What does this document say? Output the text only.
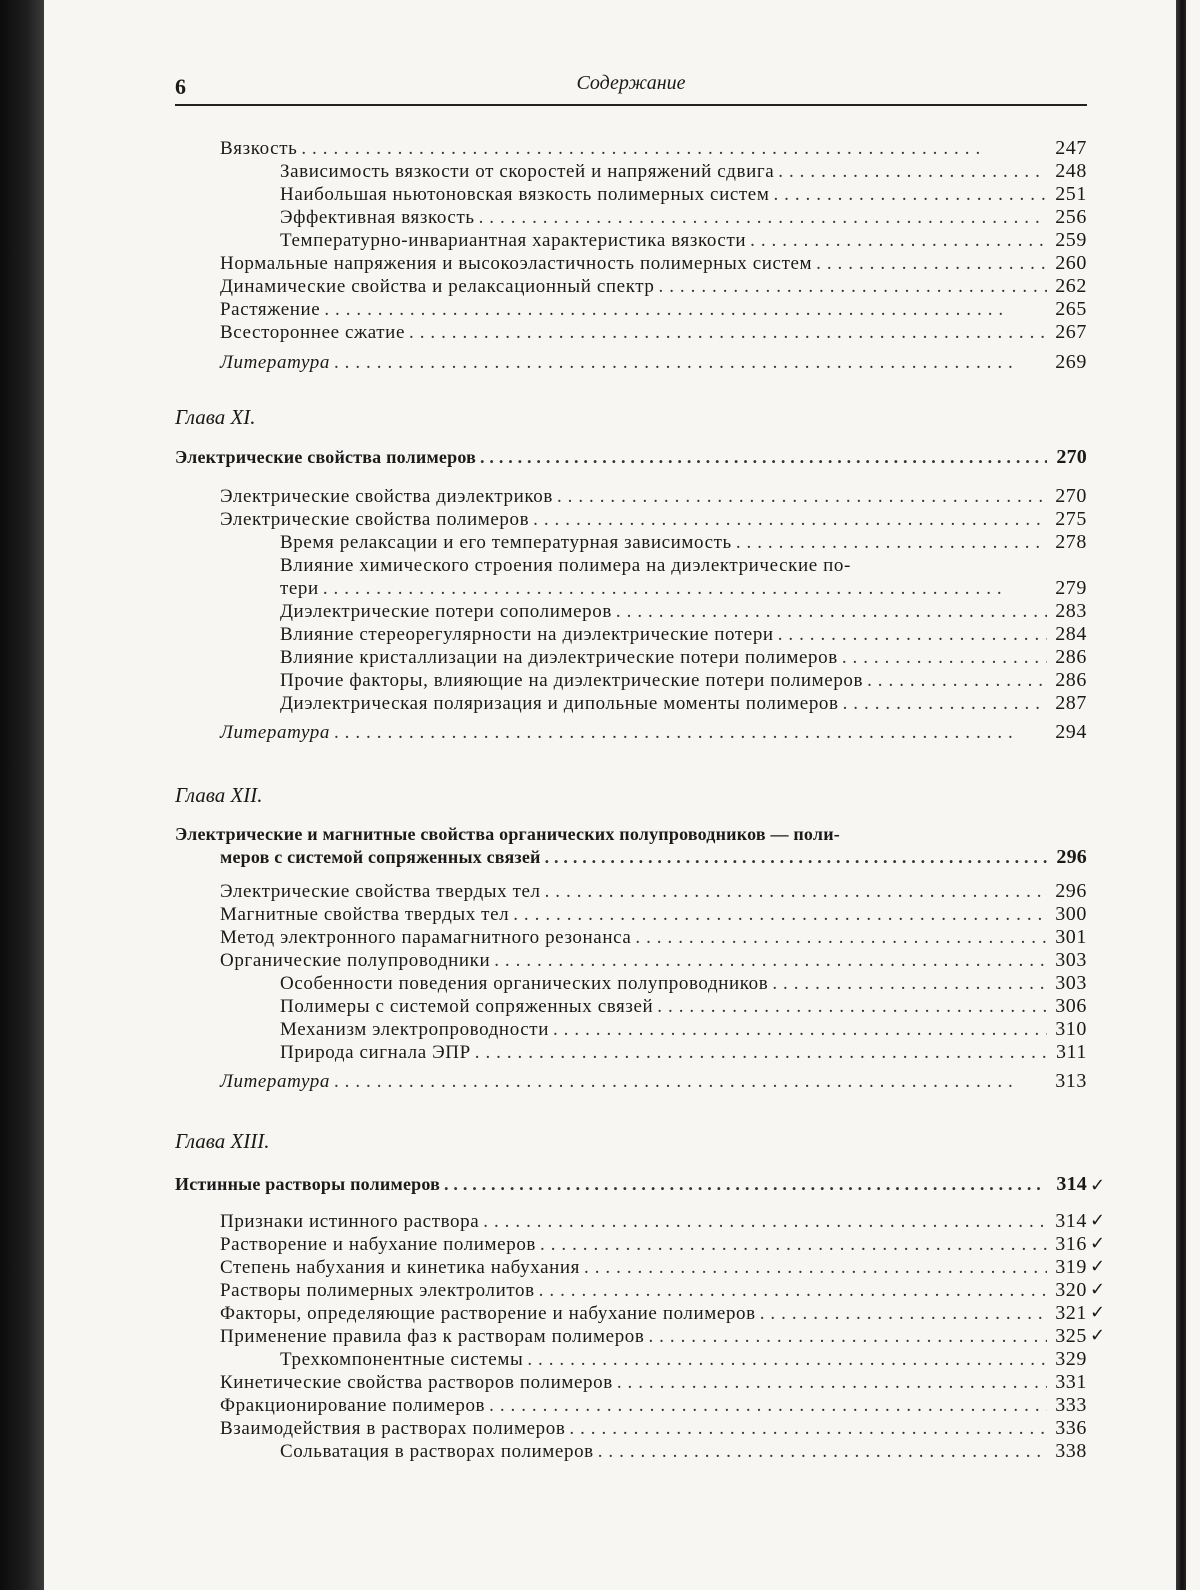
6	Содержание
Вязкость . . .	247
Зависимость вязкости от скоростей и напряжений сдвига . . .	248
Наибольшая ньютоновская вязкость полимерных систем . . .	251
Эффективная вязкость . . .	256
Температурно-инвариантная характеристика вязкости . . .	259
Нормальные напряжения и высокоэластичность полимерных систем . . .	260
Динамические свойства и релаксационный спектр . . .	262
Растяжение . . .	265
Всестороннее сжатие . . .	267
Литература . . .	269
Глава XI.
Электрические свойства полимеров . . .	270
Электрические свойства диэлектриков . . .	270
Электрические свойства полимеров . . .	275
Время релаксации и его температурная зависимость . . .	278
Влияние химического строения полимера на диэлектрические по-
тери . . .	279
Диэлектрические потери сополимеров . . .	283
Влияние стереорегулярности на диэлектрические потери . . .	284
Влияние кристаллизации на диэлектрические потери полимеров . . .	286
Прочие факторы, влияющие на диэлектрические потери полимеров . . .	286
Диэлектрическая поляризация и дипольные моменты полимеров . . .	287
Литература . . .	294
Глава XII.
Электрические и магнитные свойства органических полупроводников — поли-
меров с системой сопряженных связей . . .	296
Электрические свойства твердых тел . . .	296
Магнитные свойства твердых тел . . .	300
Метод электронного парамагнитного резонанса . . .	301
Органические полупроводники . . .	303
Особенности поведения органических полупроводников . . .	303
Полимеры с системой сопряженных связей . . .	306
Механизм электропроводности . . .	310
Природа сигнала ЭПР . . .	311
Литература . . .	313
Глава XIII.
Истинные растворы полимеров . . .	314
Признаки истинного раствора . . .	314
Растворение и набухание полимеров . . .	316
Степень набухания и кинетика набухания . . .	319
Растворы полимерных электролитов . . .	320
Факторы, определяющие растворение и набухание полимеров . . .	321
Применение правила фаз к растворам полимеров . . .	325
Трехкомпонентные системы . . .	329
Кинетические свойства растворов полимеров . . .	331
Фракционирование полимеров . . .	333
Взаимодействия в растворах полимеров . . .	336
Сольватация в растворах полимеров . . .	338
✓
✓
✓
✓
✓
✓
✓
